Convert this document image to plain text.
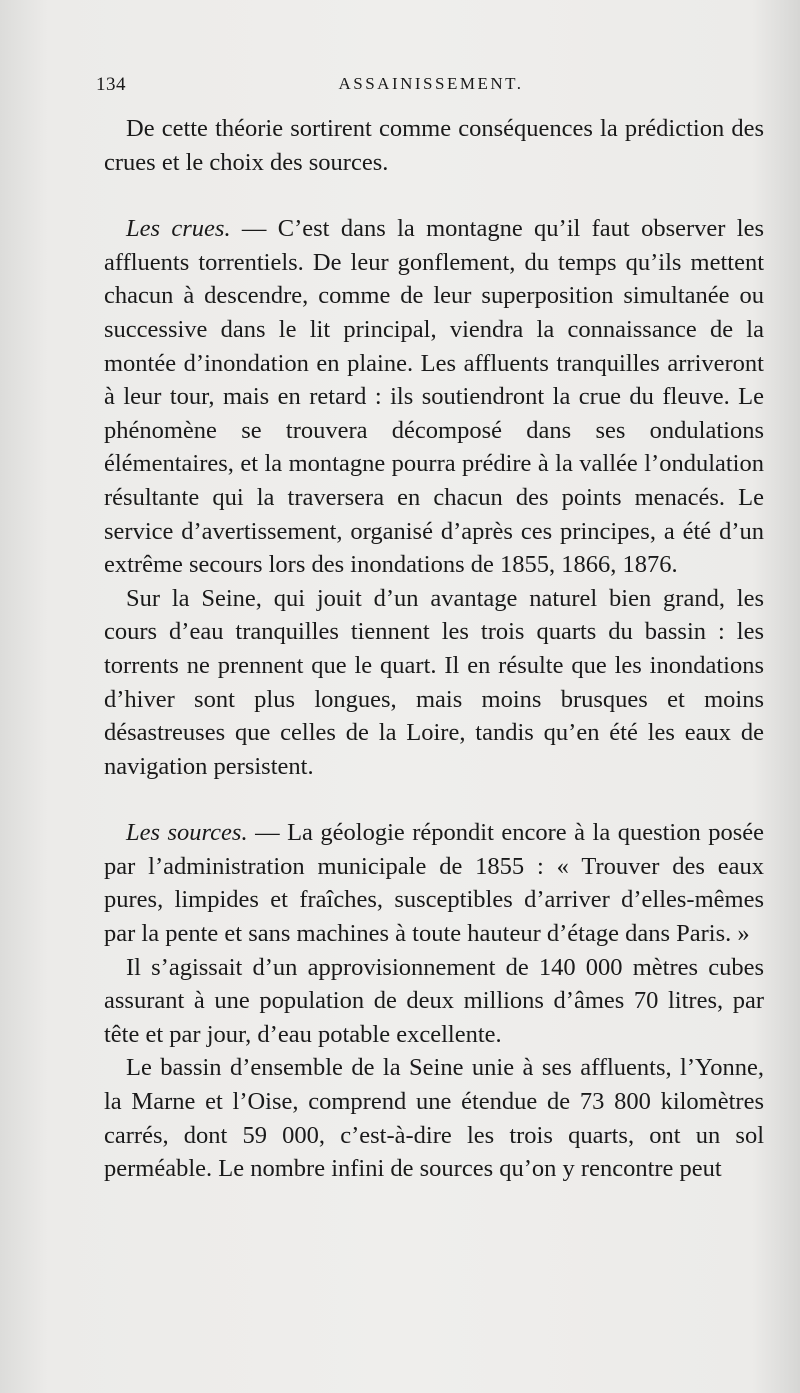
134	ASSAINISSEMENT.

De cette théorie sortirent comme conséquences la prédiction des crues et le choix des sources.

Les crues. — C’est dans la montagne qu’il faut observer les affluents torrentiels. De leur gonflement, du temps qu’ils mettent chacun à descendre, comme de leur superposition simultanée ou successive dans le lit principal, viendra la connaissance de la montée d’inondation en plaine. Les affluents tranquilles arriveront à leur tour, mais en retard : ils soutiendront la crue du fleuve. Le phénomène se trouvera décomposé dans ses ondulations élémentaires, et la montagne pourra prédire à la vallée l’ondulation résultante qui la traversera en chacun des points menacés. Le service d’avertissement, organisé d’après ces principes, a été d’un extrême secours lors des inondations de 1855, 1866, 1876.

Sur la Seine, qui jouit d’un avantage naturel bien grand, les cours d’eau tranquilles tiennent les trois quarts du bassin : les torrents ne prennent que le quart. Il en résulte que les inondations d’hiver sont plus longues, mais moins brusques et moins désastreuses que celles de la Loire, tandis qu’en été les eaux de navigation persistent.

Les sources. — La géologie répondit encore à la question posée par l’administration municipale de 1855 : « Trouver des eaux pures, limpides et fraîches, susceptibles d’arriver d’elles-mêmes par la pente et sans machines à toute hauteur d’étage dans Paris. »

Il s’agissait d’un approvisionnement de 140 000 mètres cubes assurant à une population de deux millions d’âmes 70 litres, par tête et par jour, d’eau potable excellente.

Le bassin d’ensemble de la Seine unie à ses affluents, l’Yonne, la Marne et l’Oise, comprend une étendue de 73 800 kilomètres carrés, dont 59 000, c’est-à-dire les trois quarts, ont un sol perméable. Le nombre infini de sources qu’on y rencontre peut
